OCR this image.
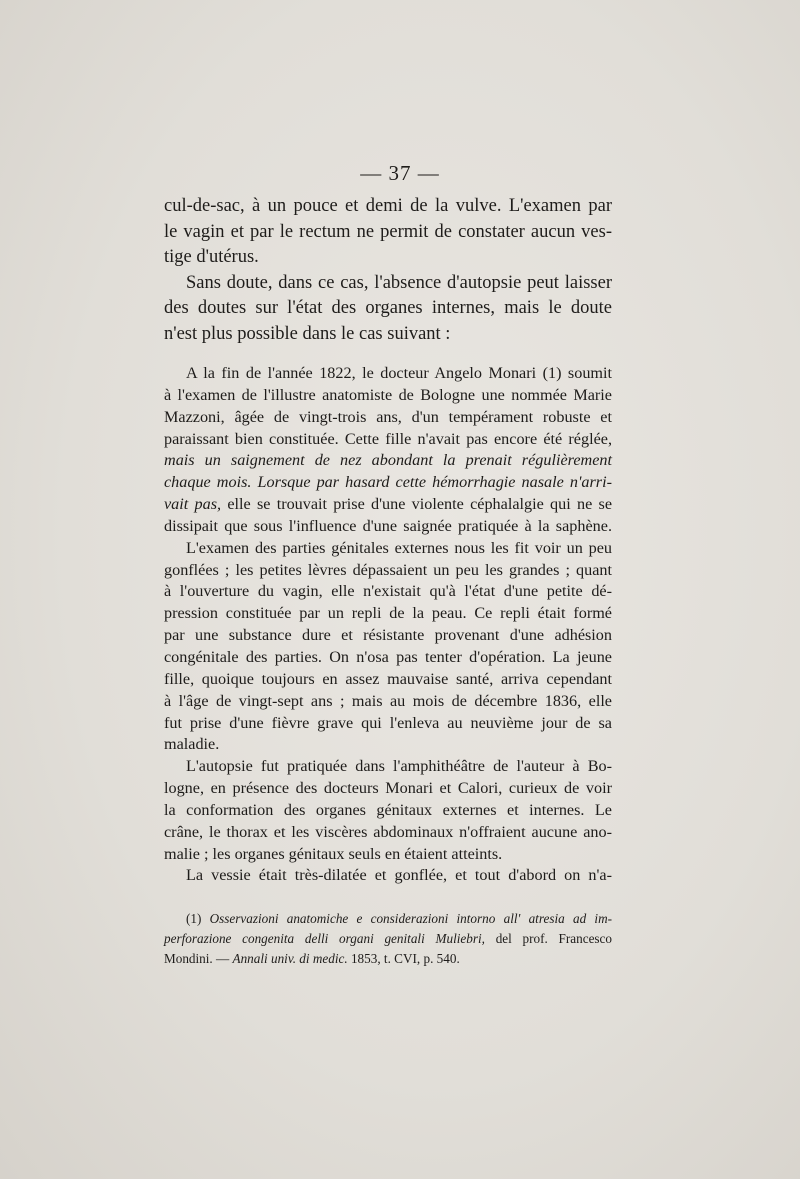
— 37 —
cul-de-sac, à un pouce et demi de la vulve. L'examen par
le vagin et par le rectum ne permit de constater aucun ves-
tige d'utérus.
Sans doute, dans ce cas, l'absence d'autopsie peut laisser
des doutes sur l'état des organes internes, mais le doute
n'est plus possible dans le cas suivant :
A la fin de l'année 1822, le docteur Angelo Monari (1) soumit
à l'examen de l'illustre anatomiste de Bologne une nommée Marie
Mazzoni, âgée de vingt-trois ans, d'un tempérament robuste et
paraissant bien constituée. Cette fille n'avait pas encore été réglée,
mais un saignement de nez abondant la prenait régulièrement
chaque mois. Lorsque par hasard cette hémorrhagie nasale n'arri-
vait pas, elle se trouvait prise d'une violente céphalalgie qui ne se
dissipait que sous l'influence d'une saignée pratiquée à la saphène.
L'examen des parties génitales externes nous les fit voir un peu
gonflées ; les petites lèvres dépassaient un peu les grandes ; quant
à l'ouverture du vagin, elle n'existait qu'à l'état d'une petite dé-
pression constituée par un repli de la peau. Ce repli était formé
par une substance dure et résistante provenant d'une adhésion
congénitale des parties. On n'osa pas tenter d'opération. La jeune
fille, quoique toujours en assez mauvaise santé, arriva cependant
à l'âge de vingt-sept ans ; mais au mois de décembre 1836, elle
fut prise d'une fièvre grave qui l'enleva au neuvième jour de sa
maladie.
L'autopsie fut pratiquée dans l'amphithéâtre de l'auteur à Bo-
logne, en présence des docteurs Monari et Calori, curieux de voir
la conformation des organes génitaux externes et internes. Le
crâne, le thorax et les viscères abdominaux n'offraient aucune ano-
malie ; les organes génitaux seuls en étaient atteints.
La vessie était très-dilatée et gonflée, et tout d'abord on n'a-
(1) Osservazioni anatomiche e considerazioni intorno all' atresia ad im-
perforazione congenita delli organi genitali Muliebri, del prof. Francesco
Mondini. — Annali univ. di medic. 1853, t. CVI, p. 540.
